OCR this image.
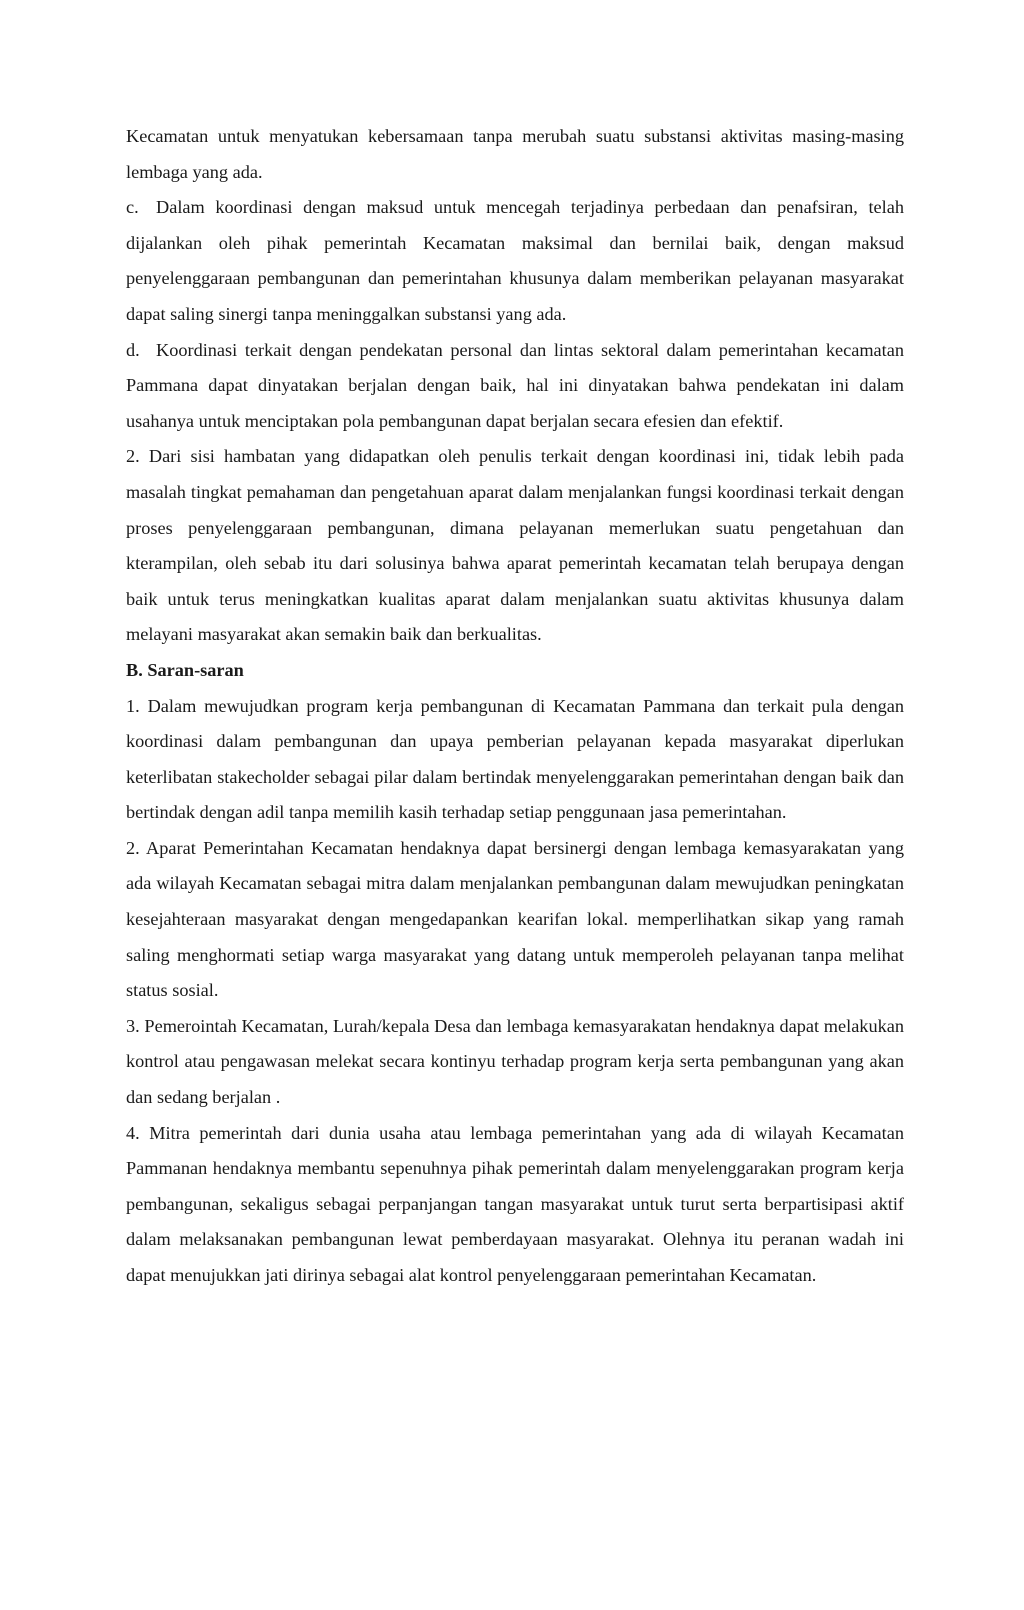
Kecamatan untuk menyatukan kebersamaan tanpa merubah suatu substansi aktivitas masing-masing lembaga yang ada.

c. Dalam koordinasi dengan maksud untuk mencegah terjadinya perbedaan dan penafsiran, telah dijalankan oleh pihak pemerintah Kecamatan maksimal dan bernilai baik, dengan maksud penyelenggaraan pembangunan dan pemerintahan khusunya dalam memberikan pelayanan masyarakat dapat saling sinergi tanpa meninggalkan substansi yang ada.

d. Koordinasi terkait dengan pendekatan personal dan lintas sektoral dalam pemerintahan kecamatan Pammana dapat dinyatakan berjalan dengan baik, hal ini dinyatakan bahwa pendekatan ini dalam usahanya untuk menciptakan pola pembangunan dapat berjalan secara efesien dan efektif.

2. Dari sisi hambatan yang didapatkan oleh penulis terkait dengan koordinasi ini, tidak lebih pada masalah tingkat pemahaman dan pengetahuan aparat dalam menjalankan fungsi koordinasi terkait dengan proses penyelenggaraan pembangunan, dimana pelayanan memerlukan suatu pengetahuan dan kterampilan, oleh sebab itu dari solusinya bahwa aparat pemerintah kecamatan telah berupaya dengan baik untuk terus meningkatkan kualitas aparat dalam menjalankan suatu aktivitas khusunya dalam melayani masyarakat akan semakin baik dan berkualitas.

B. Saran-saran

1. Dalam mewujudkan program kerja pembangunan di Kecamatan Pammana dan terkait pula dengan koordinasi dalam pembangunan dan upaya pemberian pelayanan kepada masyarakat diperlukan keterlibatan stakecholder sebagai pilar dalam bertindak menyelenggarakan pemerintahan dengan baik dan bertindak dengan adil tanpa memilih kasih terhadap setiap penggunaan jasa pemerintahan.

2. Aparat Pemerintahan Kecamatan hendaknya dapat bersinergi dengan lembaga kemasyarakatan yang ada wilayah Kecamatan sebagai mitra dalam menjalankan pembangunan dalam mewujudkan peningkatan kesejahteraan masyarakat dengan mengedapankan kearifan lokal. memperlihatkan sikap yang ramah saling menghormati setiap warga masyarakat yang datang untuk memperoleh pelayanan tanpa melihat status sosial.

3. Pemerointah Kecamatan, Lurah/kepala Desa dan lembaga kemasyarakatan hendaknya dapat melakukan kontrol atau pengawasan melekat secara kontinyu terhadap program kerja serta pembangunan yang akan dan sedang berjalan .

4. Mitra pemerintah dari dunia usaha atau lembaga pemerintahan yang ada di wilayah Kecamatan Pammanan hendaknya membantu sepenuhnya pihak pemerintah dalam menyelenggarakan program kerja pembangunan, sekaligus sebagai perpanjangan tangan masyarakat untuk turut serta berpartisipasi aktif dalam melaksanakan pembangunan lewat pemberdayaan masyarakat. Olehnya itu peranan wadah ini dapat menujukkan jati dirinya sebagai alat kontrol penyelenggaraan pemerintahan Kecamatan.
